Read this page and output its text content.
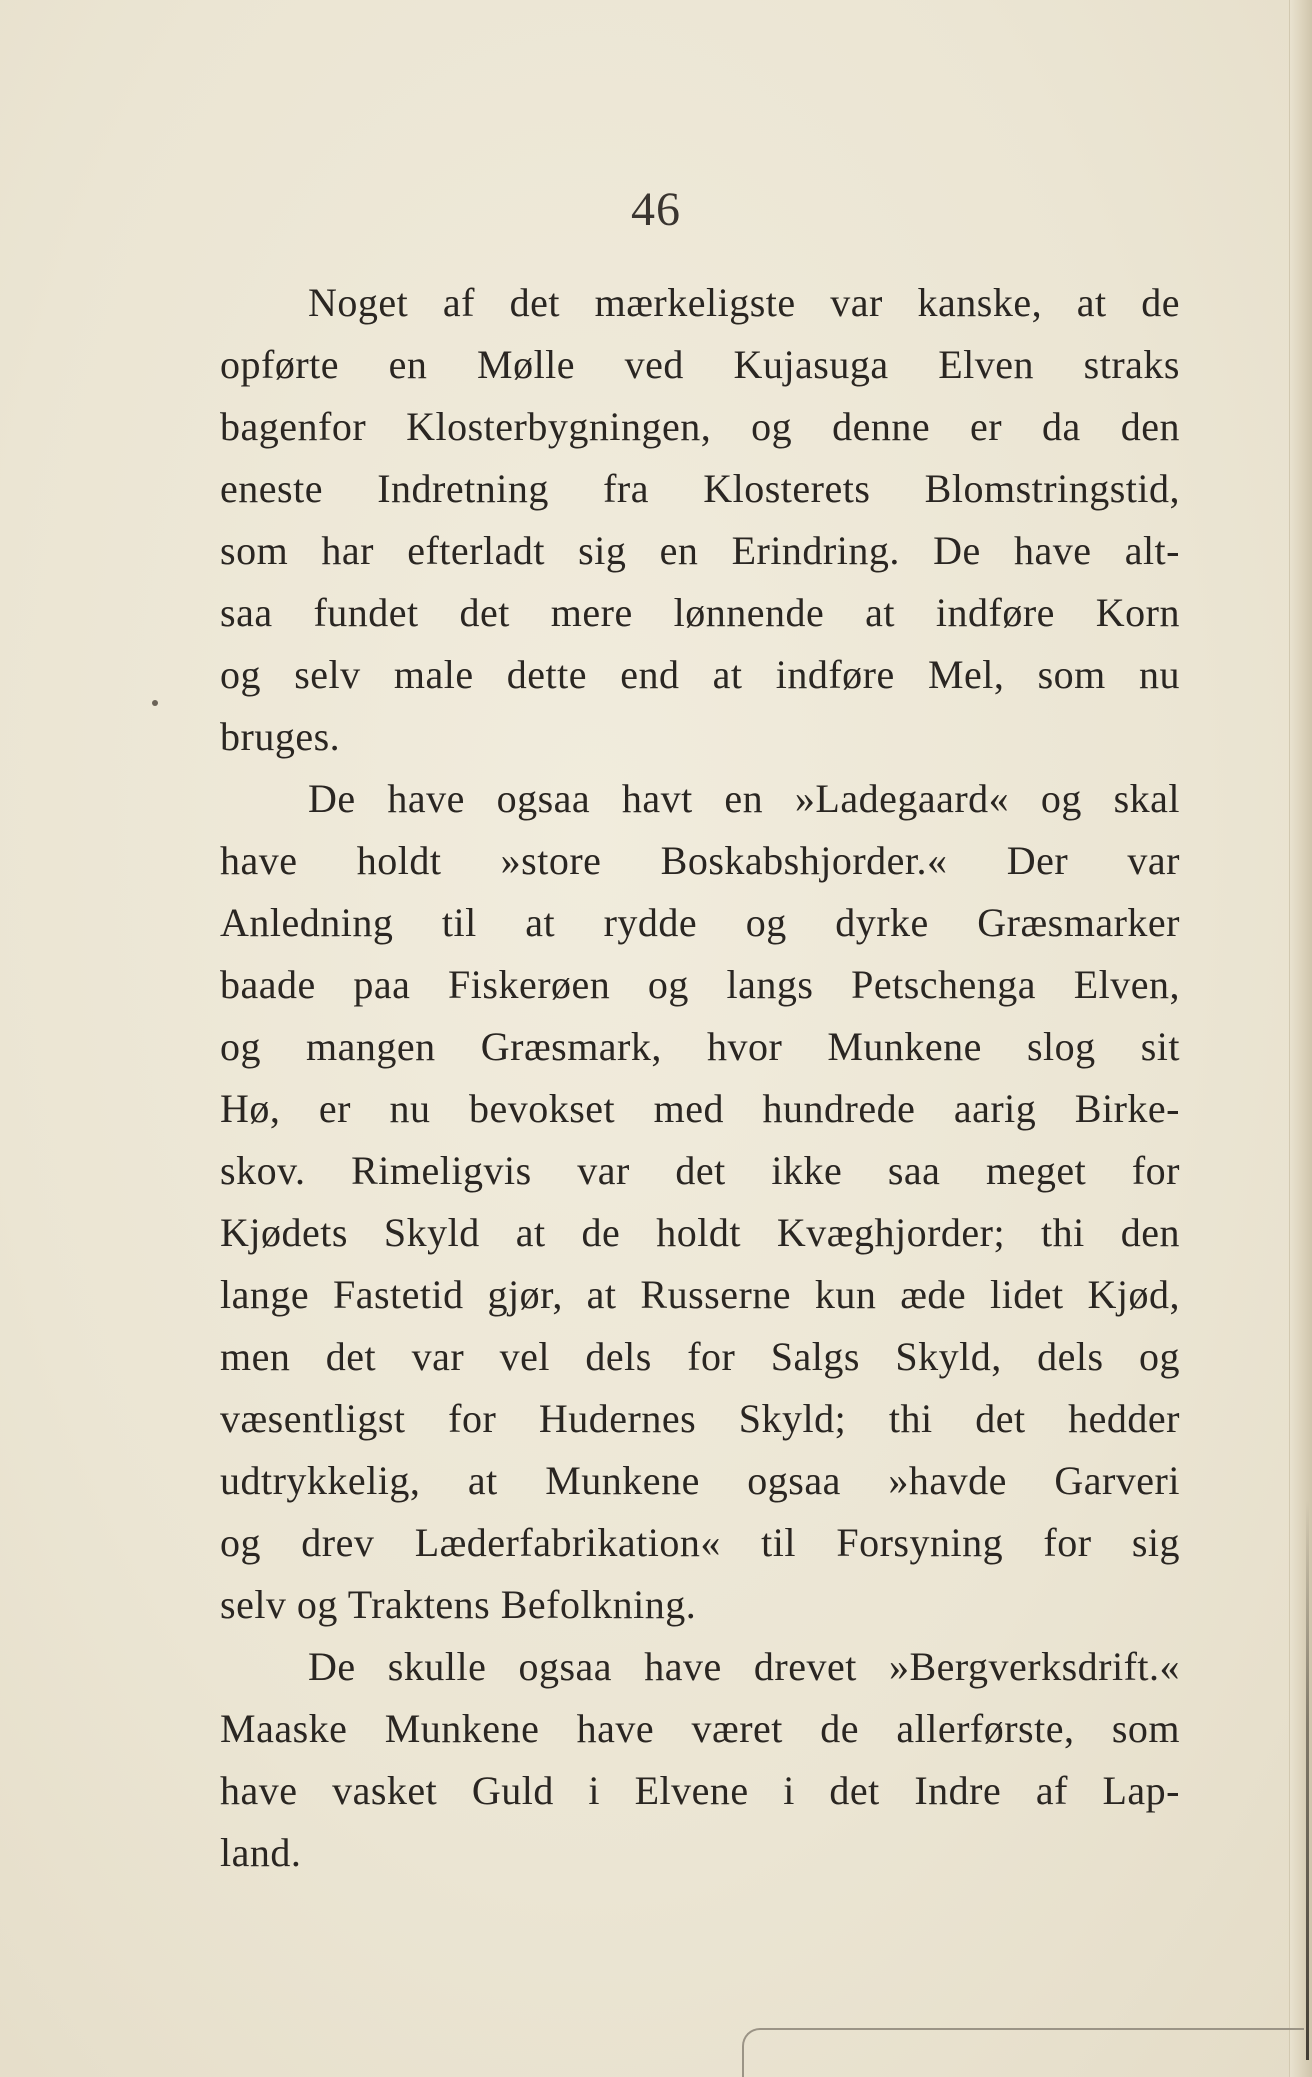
46
Noget af det mærkeligste var kanske, at de
opførte en Mølle ved Kujasuga Elven straks
bagenfor Klosterbygningen, og denne er da den
eneste Indretning fra Klosterets Blomstringstid,
som har efterladt sig en Erindring. De have alt-
saa fundet det mere lønnende at indføre Korn
og selv male dette end at indføre Mel, som nu
bruges.
De have ogsaa havt en »Ladegaard« og skal
have holdt »store Boskabshjorder.« Der var
Anledning til at rydde og dyrke Græsmarker
baade paa Fiskerøen og langs Petschenga Elven,
og mangen Græsmark, hvor Munkene slog sit
Hø, er nu bevokset med hundrede aarig Birke-
skov. Rimeligvis var det ikke saa meget for
Kjødets Skyld at de holdt Kvæghjorder; thi den
lange Fastetid gjør, at Russerne kun æde lidet Kjød,
men det var vel dels for Salgs Skyld, dels og
væsentligst for Hudernes Skyld; thi det hedder
udtrykkelig, at Munkene ogsaa »havde Garveri
og drev Læderfabrikation« til Forsyning for sig
selv og Traktens Befolkning.
De skulle ogsaa have drevet »Bergverksdrift.«
Maaske Munkene have været de allerførste, som
have vasket Guld i Elvene i det Indre af Lap-
land.
